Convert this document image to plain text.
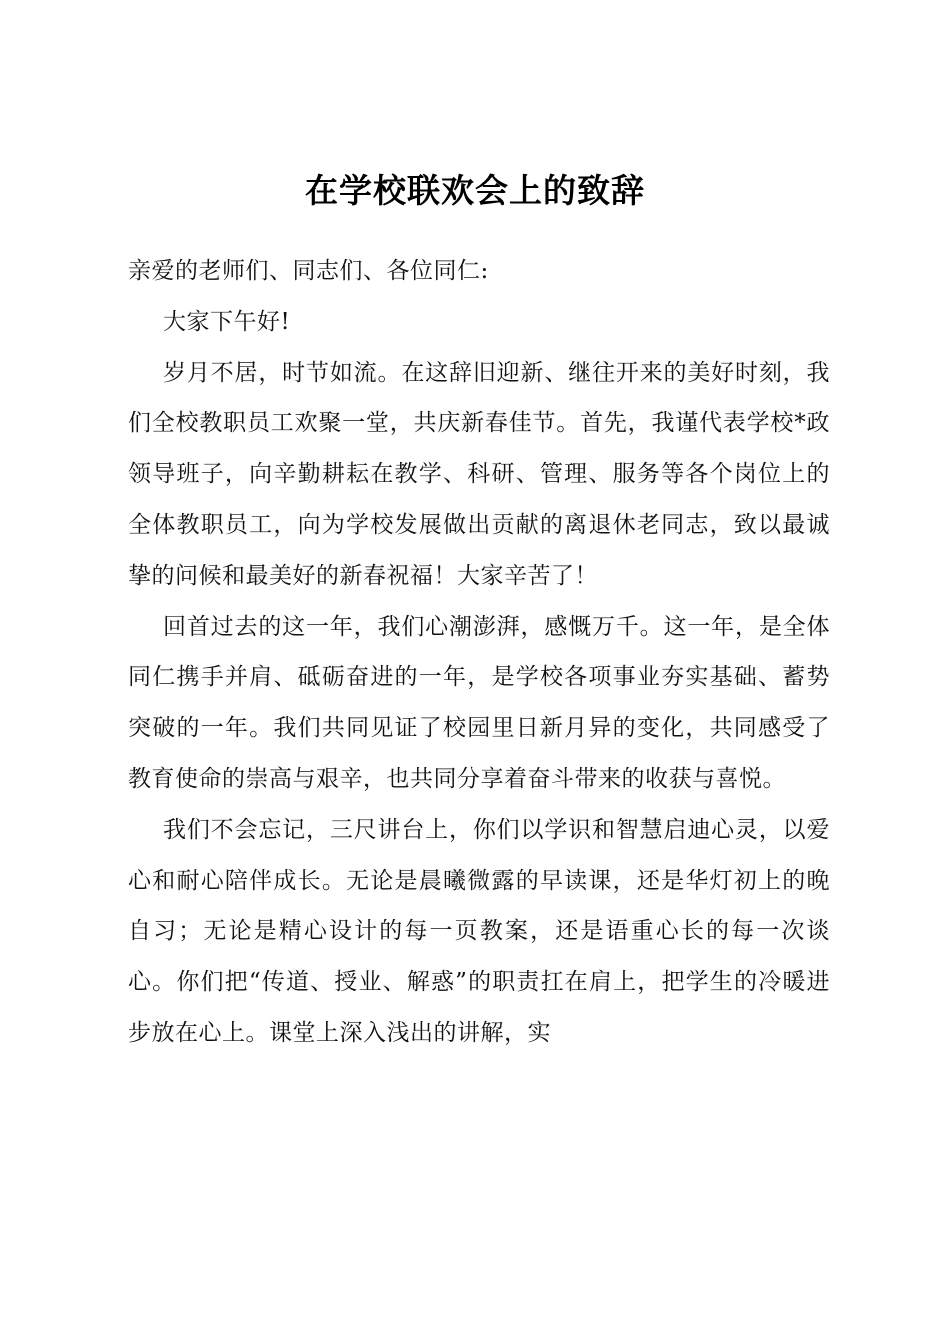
在学校联欢会上的致辞

亲爱的老师们、同志们、各位同仁:

大家下午好!

岁月不居，时节如流。在这辞旧迎新、继往开来的美好时刻，我们全校教职员工欢聚一堂，共庆新春佳节。首先，我谨代表学校*政领导班子，向辛勤耕耘在教学、科研、管理、服务等各个岗位上的全体教职员工，向为学校发展做出贡献的离退休老同志，致以最诚挚的问候和最美好的新春祝福！大家辛苦了！

回首过去的这一年，我们心潮澎湃，感慨万千。这一年，是全体同仁携手并肩、砥砺奋进的一年，是学校各项事业夯实基础、蓄势突破的一年。我们共同见证了校园里日新月异的变化，共同感受了教育使命的崇高与艰辛，也共同分享着奋斗带来的收获与喜悦。

我们不会忘记，三尺讲台上，你们以学识和智慧启迪心灵，以爱心和耐心陪伴成长。无论是晨曦微露的早读课，还是华灯初上的晚自习；无论是精心设计的每一页教案，还是语重心长的每一次谈心。你们把“传道、授业、解惑”的职责扛在肩上，把学生的冷暖进步放在心上。课堂上深入浅出的讲解，实
